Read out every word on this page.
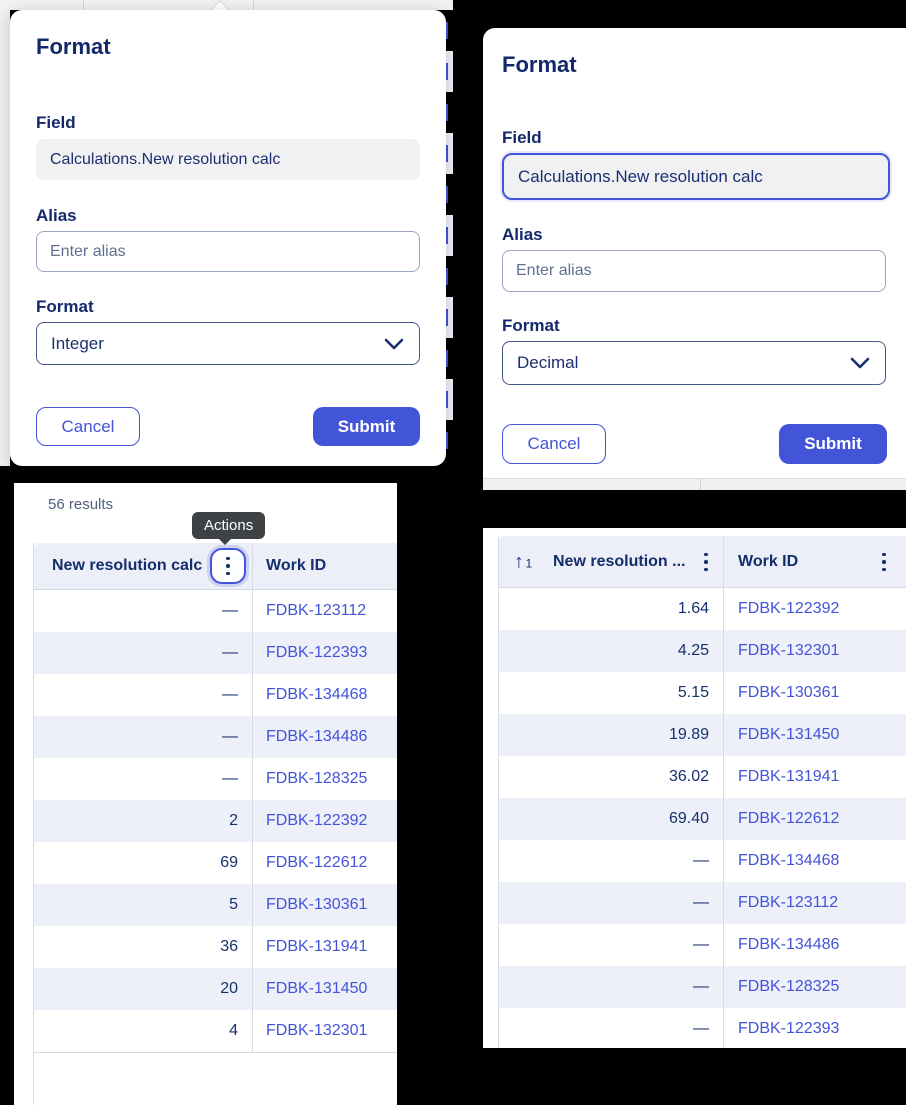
Format
Field
Calculations.New resolution calc
Alias
Enter alias
Format
Integer
Cancel	Submit
Format
Field
Calculations.New resolution calc
Alias
Enter alias
Format
Decimal
Cancel	Submit
56 results
Actions
New resolution calc	Work ID
—	FDBK-123112
—	FDBK-122393
—	FDBK-134468
—	FDBK-134486
—	FDBK-128325
2	FDBK-122392
69	FDBK-122612
5	FDBK-130361
36	FDBK-131941
20	FDBK-131450
4	FDBK-132301
↑ 1 New resolution ...	Work ID
1.64	FDBK-122392
4.25	FDBK-132301
5.15	FDBK-130361
19.89	FDBK-131450
36.02	FDBK-131941
69.40	FDBK-122612
—	FDBK-134468
—	FDBK-123112
—	FDBK-134486
—	FDBK-128325
—	FDBK-122393
